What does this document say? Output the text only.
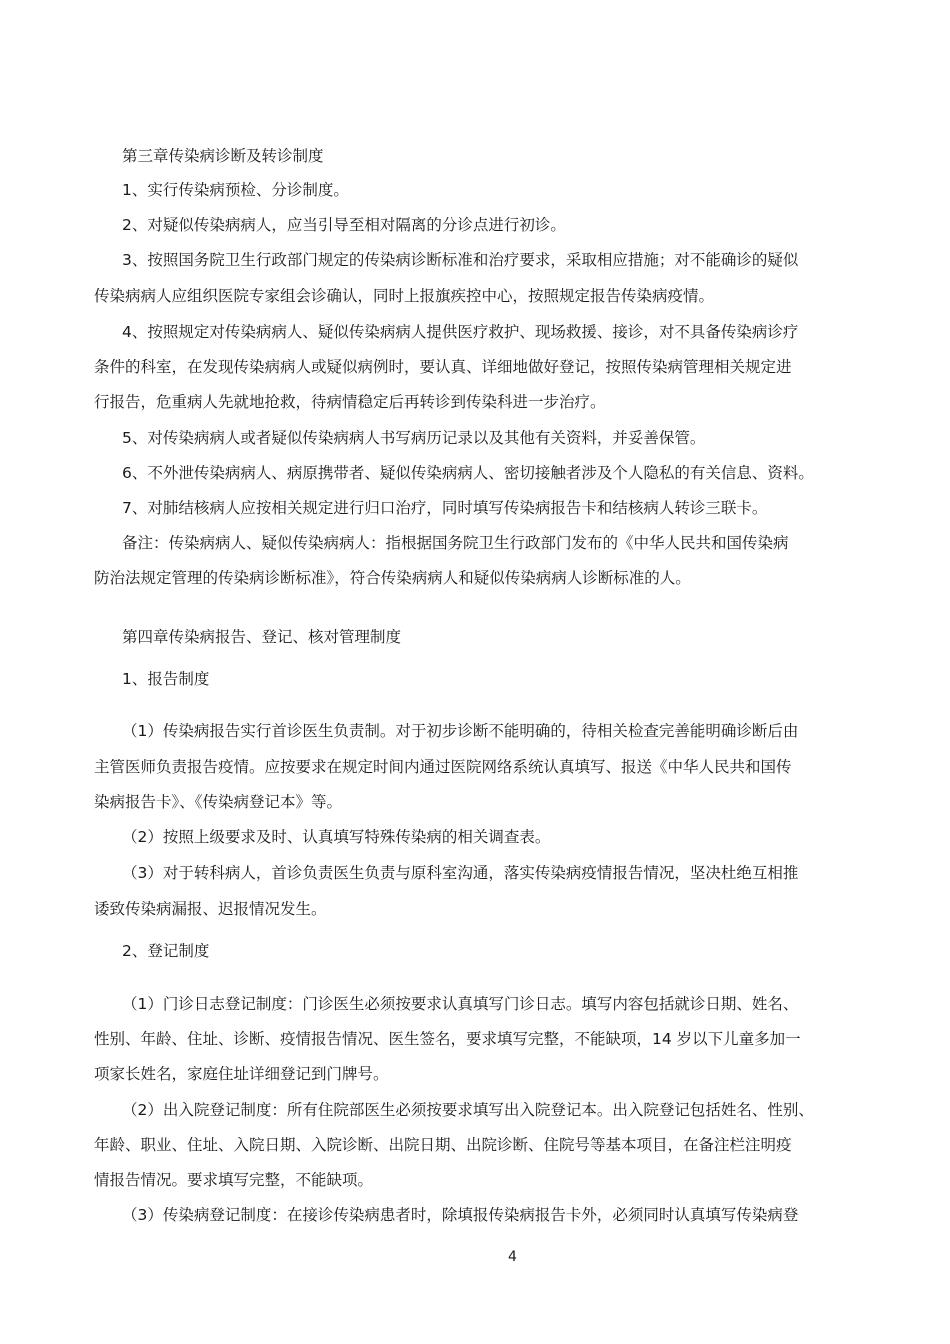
第三章传染病诊断及转诊制度

1、实行传染病预检、分诊制度。

2、对疑似传染病病人，应当引导至相对隔离的分诊点进行初诊。

3、按照国务院卫生行政部门规定的传染病诊断标准和治疗要求，采取相应措施；对不能确诊的疑似

传染病病人应组织医院专家组会诊确认，同时上报旗疾控中心，按照规定报告传染病疫情。

4、按照规定对传染病病人、疑似传染病病人提供医疗救护、现场救援、接诊，对不具备传染病诊疗

条件的科室，在发现传染病病人或疑似病例时，要认真、详细地做好登记，按照传染病管理相关规定进

行报告，危重病人先就地抢救，待病情稳定后再转诊到传染科进一步治疗。

5、对传染病病人或者疑似传染病病人书写病历记录以及其他有关资料，并妥善保管。

6、不外泄传染病病人、病原携带者、疑似传染病病人、密切接触者涉及个人隐私的有关信息、资料。

7、对肺结核病人应按相关规定进行归口治疗，同时填写传染病报告卡和结核病人转诊三联卡。

备注：传染病病人、疑似传染病病人：指根据国务院卫生行政部门发布的《中华人民共和国传染病

防治法规定管理的传染病诊断标准》，符合传染病病人和疑似传染病病人诊断标准的人。

第四章传染病报告、登记、核对管理制度

1、报告制度

（1）传染病报告实行首诊医生负责制。对于初步诊断不能明确的，待相关检查完善能明确诊断后由

主管医师负责报告疫情。应按要求在规定时间内通过医院网络系统认真填写、报送《中华人民共和国传

染病报告卡》、《传染病登记本》等。

（2）按照上级要求及时、认真填写特殊传染病的相关调查表。

（3）对于转科病人，首诊负责医生负责与原科室沟通，落实传染病疫情报告情况，坚决杜绝互相推

诿致传染病漏报、迟报情况发生。

2、登记制度

（1）门诊日志登记制度：门诊医生必须按要求认真填写门诊日志。填写内容包括就诊日期、姓名、

性别、年龄、住址、诊断、疫情报告情况、医生签名，要求填写完整，不能缺项，14 岁以下儿童多加一

项家长姓名，家庭住址详细登记到门牌号。

（2）出入院登记制度：所有住院部医生必须按要求填写出入院登记本。出入院登记包括姓名、性别、

年龄、职业、住址、入院日期、入院诊断、出院日期、出院诊断、住院号等基本项目，在备注栏注明疫

情报告情况。要求填写完整，不能缺项。

（3）传染病登记制度：在接诊传染病患者时，除填报传染病报告卡外，必须同时认真填写传染病登

4
